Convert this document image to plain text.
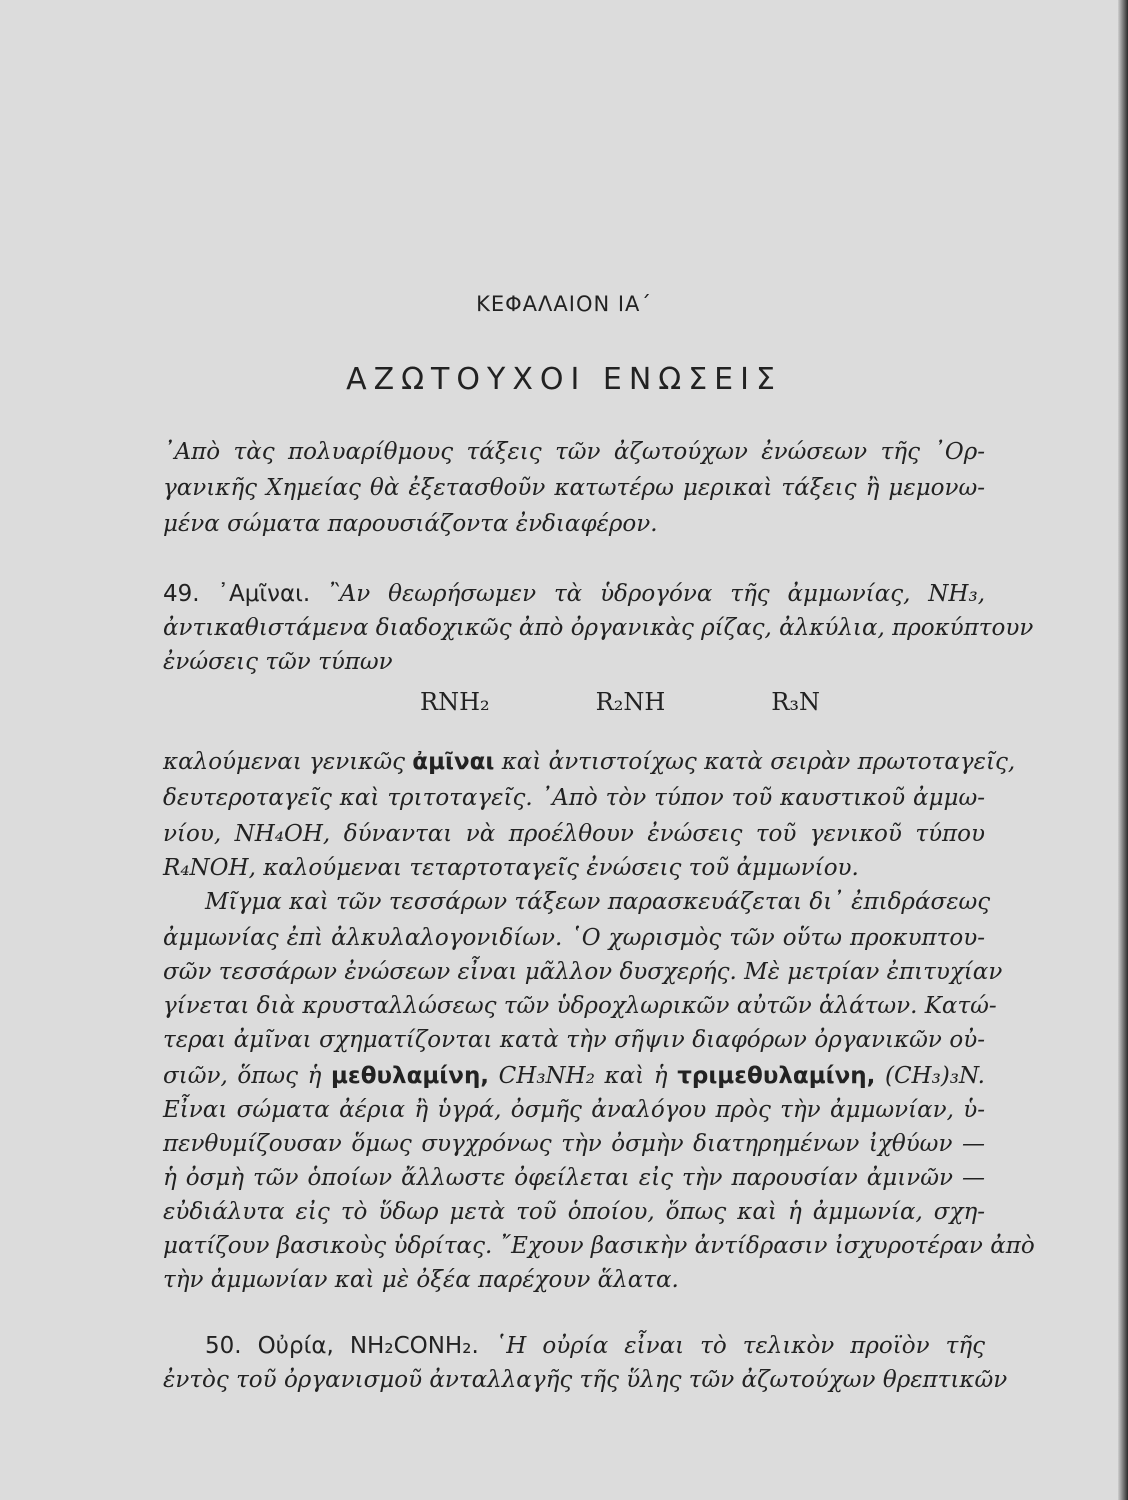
ΚΕΦΑΛΑΙΟΝ ΙΑ΄
ΑΖΩΤΟΥΧΟΙ ΕΝΩΣΕΙΣ
᾿Απὸ τὰς πολυαρίθμους τάξεις τῶν ἀζωτούχων ἐνώσεων τῆς ᾿Ορ-
γανικῆς Χημείας θὰ ἐξετασθοῦν κατωτέρω μερικαὶ τάξεις ἢ μεμονω-
μένα σώματα παρουσιάζοντα ἐνδιαφέρον.
49. ᾿Αμῖναι. ῍Αν θεωρήσωμεν τὰ ὑδρογόνα τῆς ἀμμωνίας, NH₃,
ἀντικαθιστάμενα διαδοχικῶς ἀπὸ ὀργανικὰς ρίζας, ἀλκύλια, προκύπτουν
ἐνώσεις τῶν τύπων
RNH₂	R₂NH	R₃N
καλούμεναι γενικῶς ἀμῖναι καὶ ἀντιστοίχως κατὰ σειρὰν πρωτοταγεῖς,
δευτεροταγεῖς καὶ τριτοταγεῖς. ᾿Απὸ τὸν τύπον τοῦ καυστικοῦ ἀμμω-
νίου, NH₄OH, δύνανται νὰ προέλθουν ἐνώσεις τοῦ γενικοῦ τύπου
R₄NOH, καλούμεναι τεταρτοταγεῖς ἐνώσεις τοῦ ἀμμωνίου.
Μῖγμα καὶ τῶν τεσσάρων τάξεων παρασκευάζεται δι᾿ ἐπιδράσεως
ἀμμωνίας ἐπὶ ἀλκυλαλογονιδίων. ῾Ο χωρισμὸς τῶν οὕτω προκυπτου-
σῶν τεσσάρων ἐνώσεων εἶναι μᾶλλον δυσχερής. Μὲ μετρίαν ἐπιτυχίαν
γίνεται διὰ κρυσταλλώσεως τῶν ὑδροχλωρικῶν αὐτῶν ἁλάτων. Κατώ-
τεραι ἀμῖναι σχηματίζονται κατὰ τὴν σῆψιν διαφόρων ὀργανικῶν οὐ-
σιῶν, ὅπως ἡ μεθυλαμίνη, CH₃NH₂ καὶ ἡ τριμεθυλαμίνη, (CH₃)₃N.
Εἶναι σώματα ἀέρια ἢ ὑγρά, ὀσμῆς ἀναλόγου πρὸς τὴν ἀμμωνίαν, ὑ-
πενθυμίζουσαν ὅμως συγχρόνως τὴν ὀσμὴν διατηρημένων ἰχθύων —
ἡ ὀσμὴ τῶν ὁποίων ἄλλωστε ὀφείλεται εἰς τὴν παρουσίαν ἀμινῶν —
εὐδιάλυτα εἰς τὸ ὕδωρ μετὰ τοῦ ὁποίου, ὅπως καὶ ἡ ἀμμωνία, σχη-
ματίζουν βασικοὺς ὑδρίτας. ῎Εχουν βασικὴν ἀντίδρασιν ἰσχυροτέραν ἀπὸ
τὴν ἀμμωνίαν καὶ μὲ ὀξέα παρέχουν ἅλατα.
50. Οὐρία, NH₂CONH₂. ῾Η οὐρία εἶναι τὸ τελικὸν προϊὸν τῆς
ἐντὸς τοῦ ὀργανισμοῦ ἀνταλλαγῆς τῆς ὕλης τῶν ἀζωτούχων θρεπτικῶν
